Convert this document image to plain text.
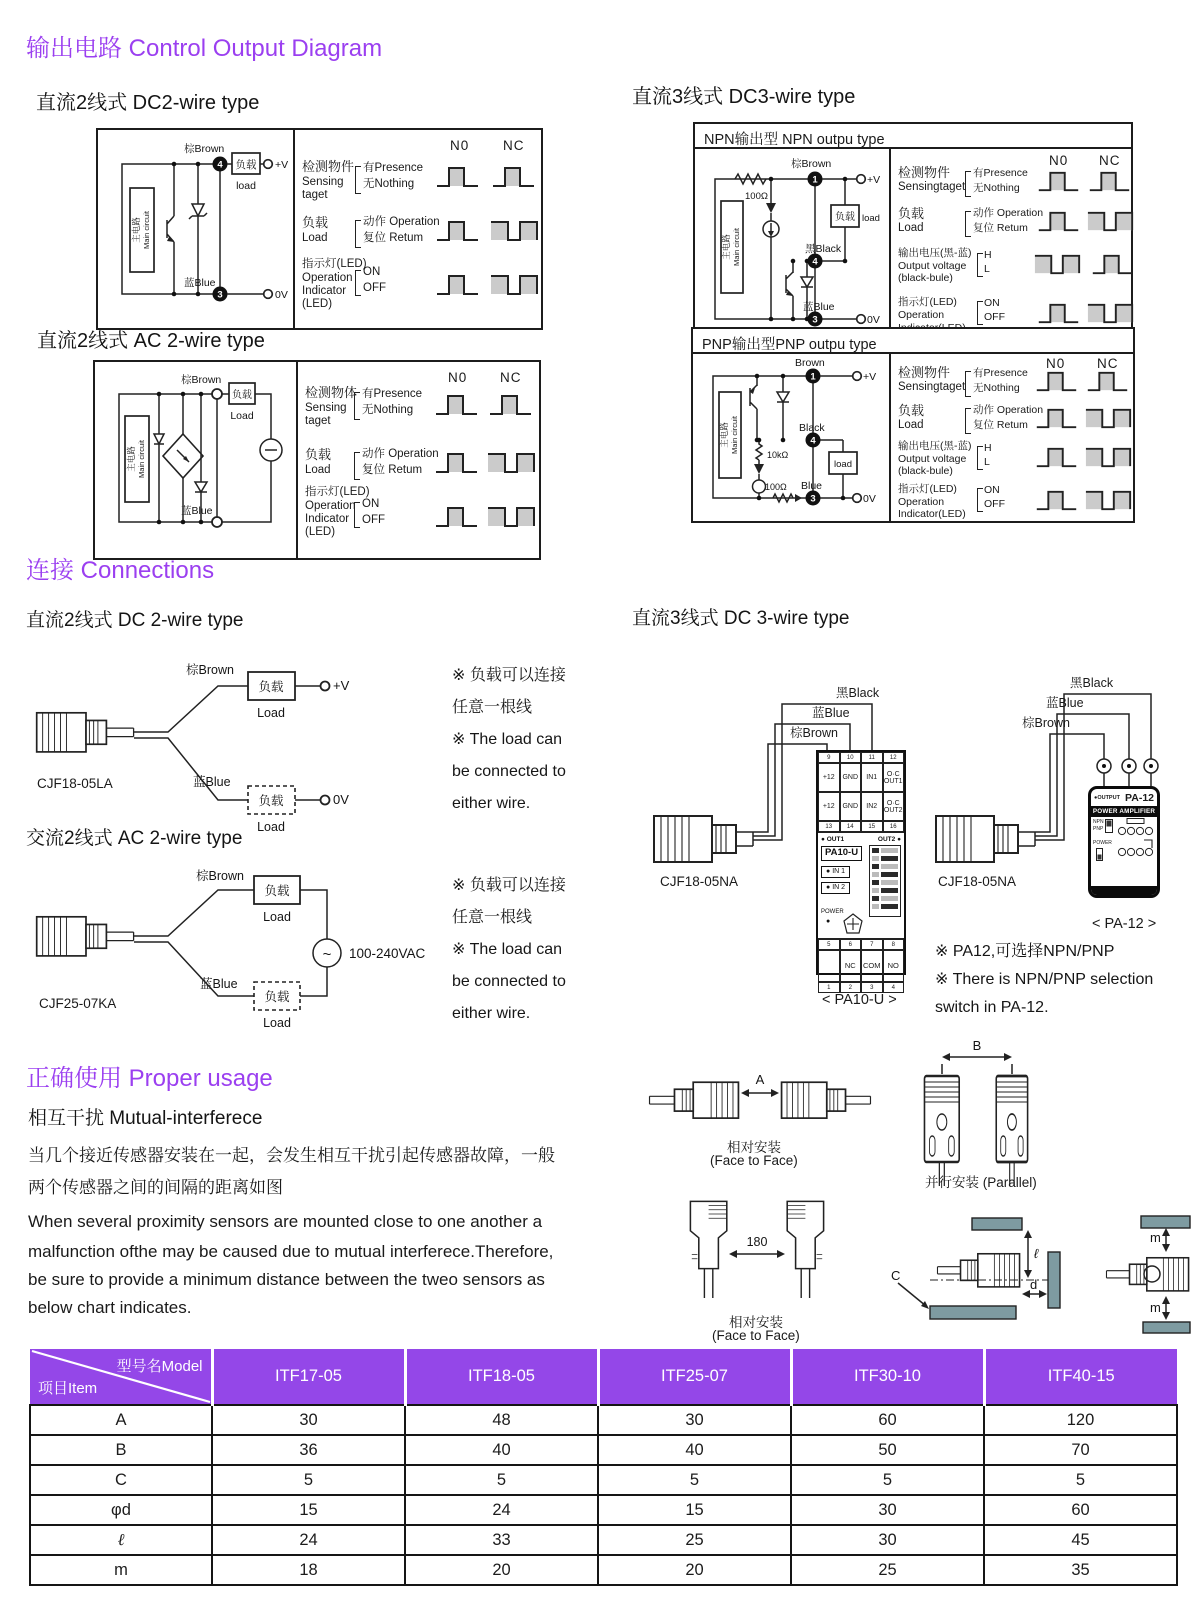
输出电路 Control Output Diagram
直流2线式 DC2-wire type	直流3线式 DC3-wire type
主电路 Main circuit
4
3
棕Brown
蓝Blue
负载
load
+V
0V
N0 NC
检测物件
Sensing
taget
有Presence
无Nothing
负载
Load
动作 Operation
复位 Retum
指示灯(LED)
Operation
Indicator
(LED)
ON
OFF
NPN输出型 NPN outpu type
主电路 Main circuit
100Ω
1
棕Brown
负载 load
+V
4
黑Black
3
蓝Blue
0V
N0 NC
检测物件
Sensingtaget
有Presence
无Nothing
负载
Load
动作 Operation
复位 Retum
输出电压(黑-蓝)
Output voltage
(black-bule)
H
L
指示灯(LED)
Operation
ON
OFF
PNP输出型PNP outpu type
主电路 Main circuit
1
Brown
load
+V
4
Black
10kΩ
100Ω
3
Blue
0V
N0 NC
检测物件
Sensingtaget
有Presence
无Nothing
负载
Load
动作 Operation
复位 Retum
输出电压(黑-蓝)
Output voltage
(black-bule)
H
L
指示灯(LED)
Operation
Indicator(LED)
ON
OFF
直流2线式 AC 2-wire type
主电路 Main circuit
棕Brown
蓝Blue
负载
Load
N0 NC
检测物体
Sensing
taget
有Presence
无Nothing
负载
Load
动作 Operation
复位 Retum
指示灯(LED)
Operation
Indicator
(LED)
ON
OFF
连接 Connections
直流2线式 DC 2-wire type	直流3线式 DC 3-wire type
棕Brown
负载
Load
+V
蓝Blue
负载
Load
0V
CJF18-05LA
※ 负载可以连接
任意一根线
※ The load can
be connected to
either wire.
交流2线式 AC 2-wire type
棕Brown
负载
Load
~ 100-240VAC
蓝Blue
负载
Load
CJF25-07KA
※ 负载可以连接
任意一根线
※ The load can
be connected to
either wire.
棕Brown
蓝Blue
黑Black
棕Brown
蓝Blue
黑Black
CJF18-05NA	CJF18-05NA
9	10	11	12
+12	GND	IN1	O·C OUT1
+12	GND	IN2	O·C OUT2
13	14	15	16
● OUT1	OUT2 ●
PA10-U
● IN 1
● IN 2
POWER
●
5	6	7	8
NC COM NO
1	2	3	4
< PA10-U >
●OUTPUT PA-12
POWER AMPLIFIER
NPN
PNP
POWER
< PA-12 >
※ PA12,可选择NPN/PNP
※ There is NPN/PNP selection
switch in PA-12.
正确使用 Proper usage
相互干扰 Mutual-interferece
当几个接近传感器安装在一起，会发生相互干扰引起传感器故障，一般
两个传感器之间的间隔的距离如图
When several proximity sensors are mounted close to one another a
malfunction ofthe may be caused due to mutual interferece.Therefore,
be sure to provide a minimum distance between the tweo sensors as
below chart indicates.
A
B
180
ℓ
d
C
m
m
相对安装
(Face to Face)
并行安装 (Parallel)
相对安装
(Face to Face)
型号名Model
项目Item	ITF17-05	ITF18-05	ITF25-07	ITF30-10	ITF40-15
A	30	48	30	60	120
B	36	40	40	50	70
C	5	5	5	5	5
φd	15	24	15	30	60
ℓ	24	33	25	30	45
m	18	20	20	25	35
